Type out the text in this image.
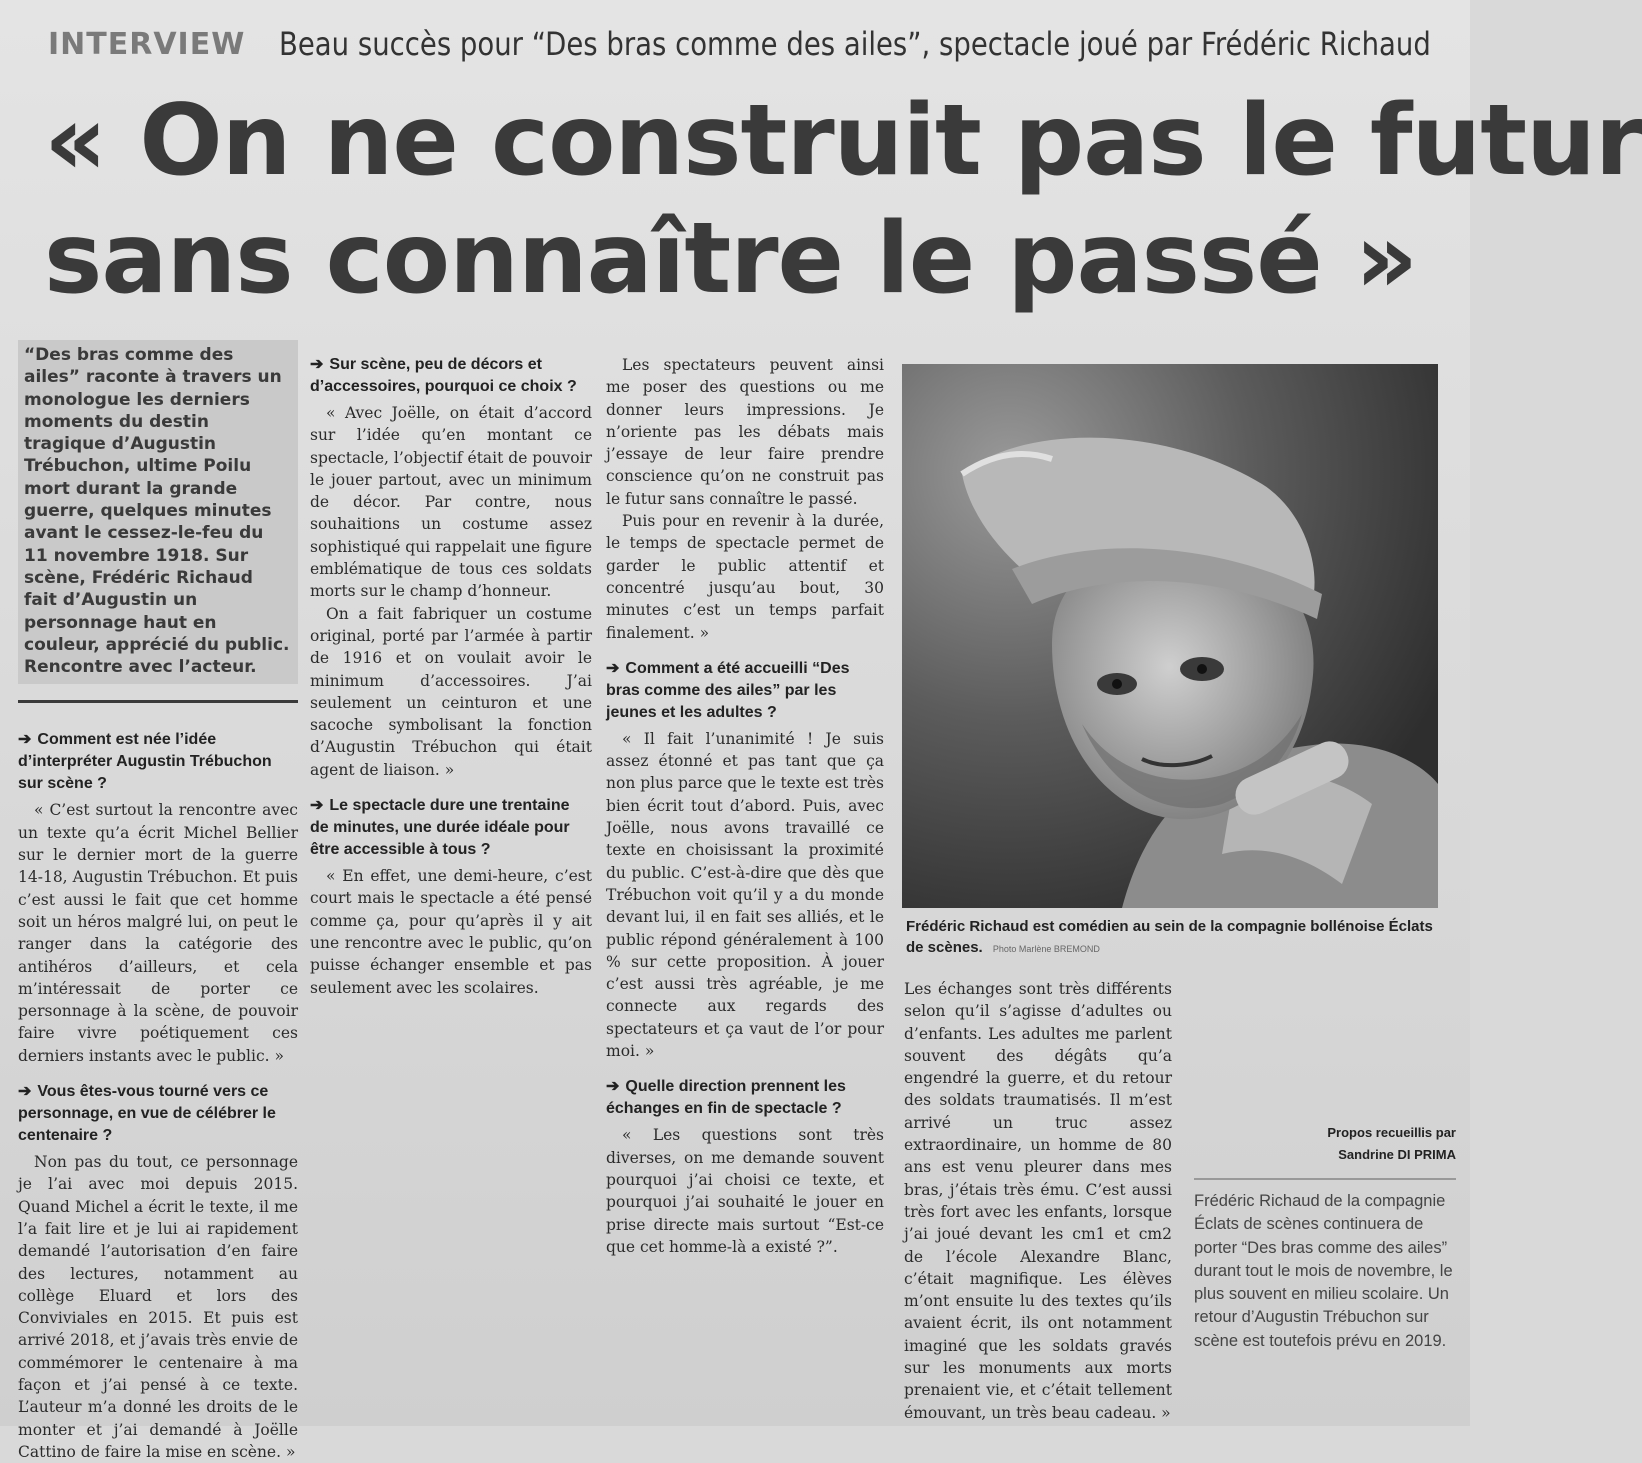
INTERVIEW Beau succès pour “Des bras comme des ailes”, spectacle joué par Frédéric Richaud
« On ne construit pas le futur
sans connaître le passé »
“Des bras comme des ailes” raconte à travers un monologue les derniers moments du destin tragique d’Augustin Trébuchon, ultime Poilu mort durant la grande guerre, quelques minutes avant le cessez-le-feu du 11 novembre 1918. Sur scène, Frédéric Richaud fait d’Augustin un personnage haut en couleur, apprécié du public. Rencontre avec l’acteur.
➔ Comment est née l’idée d’interpréter Augustin Trébuchon sur scène ?

« C’est surtout la rencontre avec un texte qu’a écrit Michel Bellier sur le dernier mort de la guerre 14-18, Augustin Trébuchon. Et puis c’est aussi le fait que cet homme soit un héros malgré lui, on peut le ranger dans la catégorie des antihéros d’ailleurs, et cela m’intéressait de porter ce personnage à la scène, de pouvoir faire vivre poétiquement ces derniers instants avec le public. »

➔ Vous êtes-vous tourné vers ce personnage, en vue de célébrer le centenaire ?

Non pas du tout, ce personnage je l’ai avec moi depuis 2015. Quand Michel a écrit le texte, il me l’a fait lire et je lui ai rapidement demandé l’autorisation d’en faire des lectures, notamment au collège Eluard et lors des Conviviales en 2015. Et puis est arrivé 2018, et j’avais très envie de commémorer le centenaire à ma façon et j’ai pensé à ce texte. L’auteur m’a donné les droits de le monter et j’ai demandé à Joëlle Cattino de faire la mise en scène. »

➔ Sur scène, peu de décors et d’accessoires, pourquoi ce choix ?

« Avec Joëlle, on était d’accord sur l’idée qu’en montant ce spectacle, l’objectif était de pouvoir le jouer partout, avec un minimum de décor. Par contre, nous souhaitions un costume assez sophistiqué qui rappelait une figure emblématique de tous ces soldats morts sur le champ d’honneur.

On a fait fabriquer un costume original, porté par l’armée à partir de 1916 et on voulait avoir le minimum d’accessoires. J’ai seulement un ceinturon et une sacoche symbolisant la fonction d’Augustin Trébuchon qui était agent de liaison. »

➔ Le spectacle dure une trentaine de minutes, une durée idéale pour être accessible à tous ?

« En effet, une demi-heure, c’est court mais le spectacle a été pensé comme ça, pour qu’après il y ait une rencontre avec le public, qu’on puisse échanger ensemble et pas seulement avec les scolaires.

Les spectateurs peuvent ainsi me poser des questions ou me donner leurs impressions. Je n’oriente pas les débats mais j’essaye de leur faire prendre conscience qu’on ne construit pas le futur sans connaître le passé.

Puis pour en revenir à la durée, le temps de spectacle permet de garder le public attentif et concentré jusqu’au bout, 30 minutes c’est un temps parfait finalement. »

➔ Comment a été accueilli “Des bras comme des ailes” par les jeunes et les adultes ?

« Il fait l’unanimité ! Je suis assez étonné et pas tant que ça non plus parce que le texte est très bien écrit tout d’abord. Puis, avec Joëlle, nous avons travaillé ce texte en choisissant la proximité du public. C’est-à-dire que dès que Trébuchon voit qu’il y a du monde devant lui, il en fait ses alliés, et le public répond généralement à 100 % sur cette proposition. À jouer c’est aussi très agréable, je me connecte aux regards des spectateurs et ça vaut de l’or pour moi. »

➔ Quelle direction prennent les échanges en fin de spectacle ?

« Les questions sont très diverses, on me demande souvent pourquoi j’ai choisi ce texte, et pourquoi j’ai souhaité le jouer en prise directe mais surtout “Est-ce que cet homme-là a existé ?”.

Frédéric Richaud est comédien au sein de la compagnie bollénoise Éclats de scènes. Photo Marlène BREMOND

Les échanges sont très différents selon qu’il s’agisse d’adultes ou d’enfants. Les adultes me parlent souvent des dégâts qu’a engendré la guerre, et du retour des soldats traumatisés. Il m’est arrivé un truc assez extraordinaire, un homme de 80 ans est venu pleurer dans mes bras, j’étais très ému. C’est aussi très fort avec les enfants, lorsque j’ai joué devant les cm1 et cm2 de l’école Alexandre Blanc, c’était magnifique. Les élèves m’ont ensuite lu des textes qu’ils avaient écrit, ils ont notamment imaginé que les soldats gravés sur les monuments aux morts prenaient vie, et c’était tellement émouvant, un très beau cadeau. »

Propos recueillis par
Sandrine DI PRIMA
Frédéric Richaud de la compagnie Éclats de scènes continuera de porter “Des bras comme des ailes” durant tout le mois de novembre, le plus souvent en milieu scolaire. Un retour d’Augustin Trébuchon sur scène est toutefois prévu en 2019.
